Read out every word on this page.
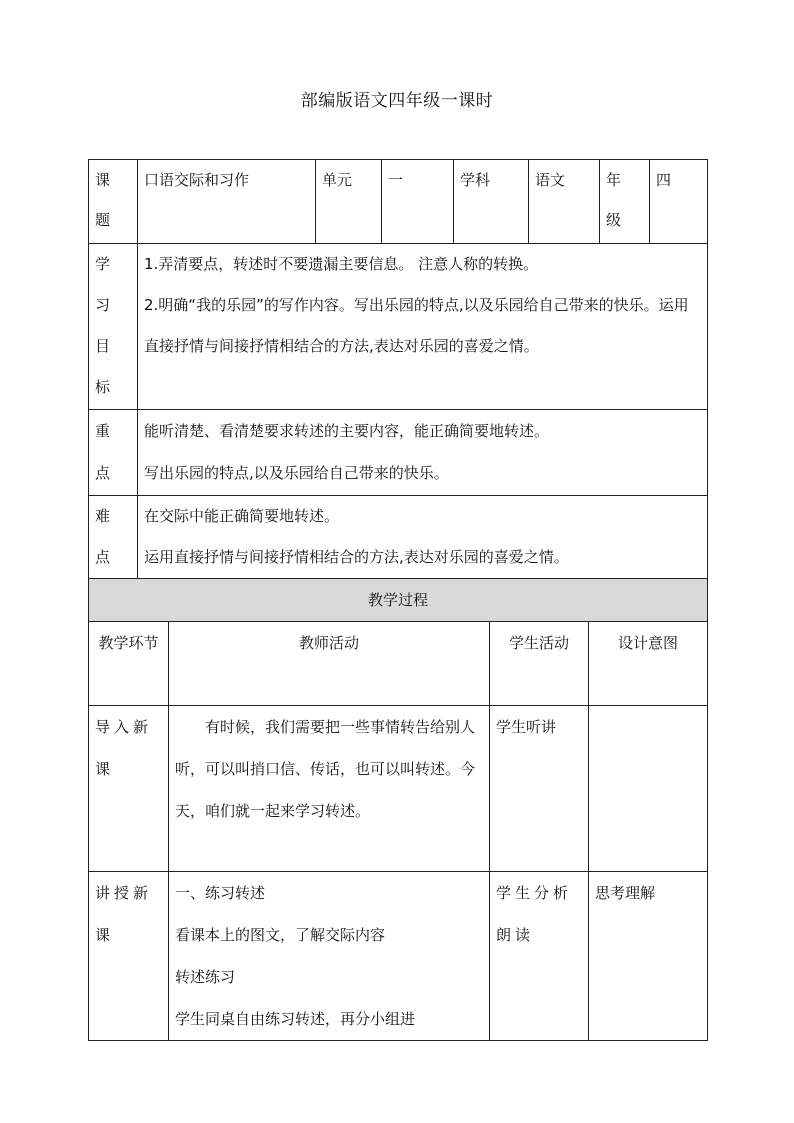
部编版语文四年级一课时
课题	口语交际和习作	单元	一	学科	语文	年级	四

学习目标	1.弄清要点，转述时不要遗漏主要信息。 注意人称的转换。
2.明确“我的乐园”的写作内容。写出乐园的特点,以及乐园给自己带来的快乐。运用直接抒情与间接抒情相结合的方法,表达对乐园的喜爱之情。						

重点	能听清楚、看清楚要求转述的主要内容，能正确简要地转述。
写出乐园的特点,以及乐园给自己带来的快乐。						

难点	在交际中能正确简要地转述。
运用直接抒情与间接抒情相结合的方法,表达对乐园的喜爱之情。						
教学过程			
教学环节	教师活动	学生活动	设计意图
导入新课	有时候，我们需要把一些事情转告给别人听，可以叫捎口信、传话，也可以叫转述。今天，咱们就一起来学习转述。	学生听讲	
讲授新课	一、练习转述
看课本上的图文，了解交际内容
转述练习
学生同桌自由练习转述，再分小组进	学生分析朗读	思考理解
